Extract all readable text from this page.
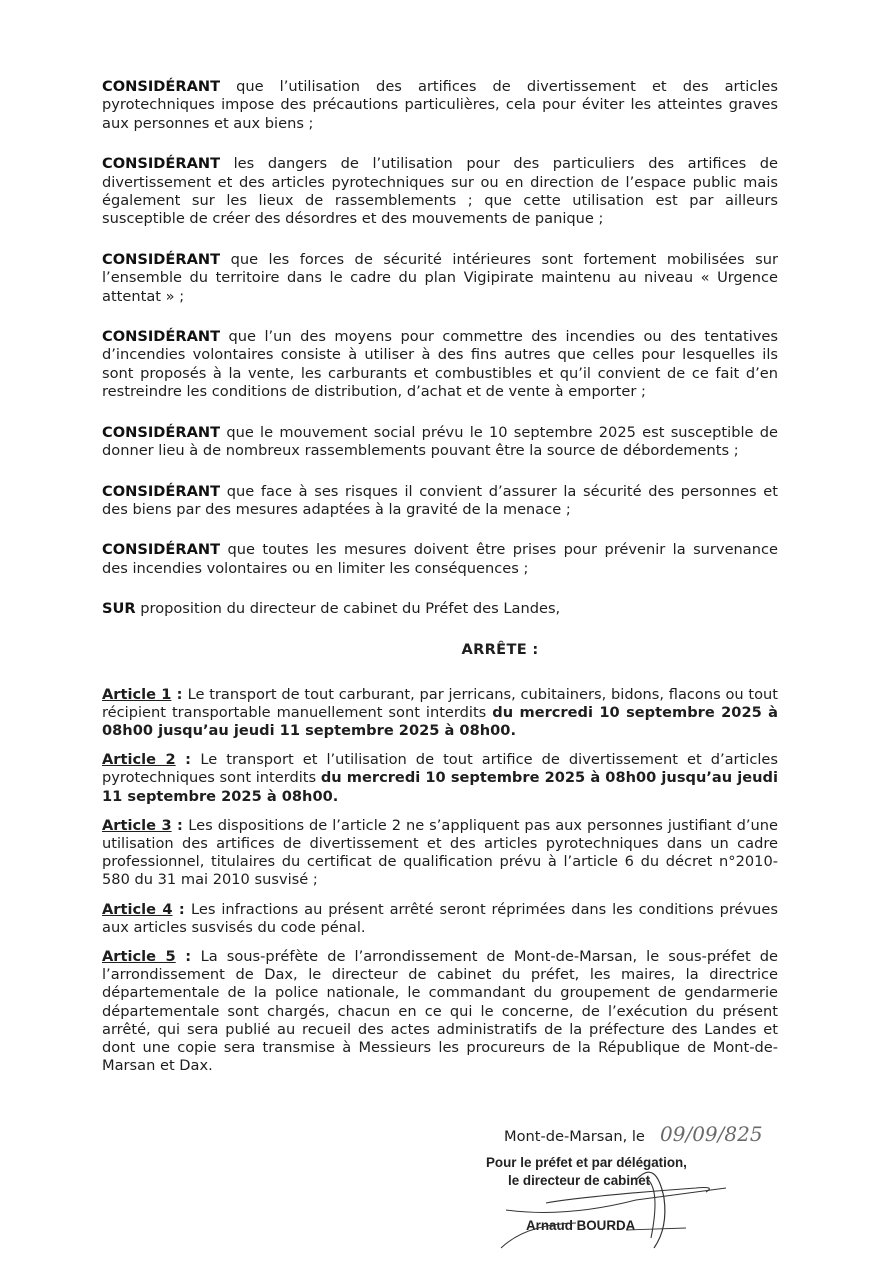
CONSIDÉRANT que l’utilisation des artifices de divertissement et des articles pyrotechniques impose des précautions particulières, cela pour éviter les atteintes graves aux personnes et aux biens ;

CONSIDÉRANT les dangers de l’utilisation pour des particuliers des artifices de divertissement et des articles pyrotechniques sur ou en direction de l’espace public mais également sur les lieux de rassemblements ; que cette utilisation est par ailleurs susceptible de créer des désordres et des mouvements de panique ;

CONSIDÉRANT que les forces de sécurité intérieures sont fortement mobilisées sur l’ensemble du territoire dans le cadre du plan Vigipirate maintenu au niveau « Urgence attentat » ;

CONSIDÉRANT que l’un des moyens pour commettre des incendies ou des tentatives d’incendies volontaires consiste à utiliser à des fins autres que celles pour lesquelles ils sont proposés à la vente, les carburants et combustibles et qu’il convient de ce fait d’en restreindre les conditions de distribution, d’achat et de vente à emporter ;

CONSIDÉRANT que le mouvement social prévu le 10 septembre 2025 est susceptible de donner lieu à de nombreux rassemblements pouvant être la source de débordements ;

CONSIDÉRANT que face à ses risques il convient d’assurer la sécurité des personnes et des biens par des mesures adaptées à la gravité de la menace ;

CONSIDÉRANT que toutes les mesures doivent être prises pour prévenir la survenance des incendies volontaires ou en limiter les conséquences ;

SUR proposition du directeur de cabinet du Préfet des Landes,

ARRÊTE :

Article 1 : Le transport de tout carburant, par jerricans, cubitainers, bidons, flacons ou tout récipient transportable manuellement sont interdits du mercredi 10 septembre 2025 à 08h00 jusqu’au jeudi 11 septembre 2025 à 08h00.

Article 2 : Le transport et l’utilisation de tout artifice de divertissement et d’articles pyrotechniques sont interdits du mercredi 10 septembre 2025 à 08h00 jusqu’au jeudi 11 septembre 2025 à 08h00.

Article 3 : Les dispositions de l’article 2 ne s’appliquent pas aux personnes justifiant d’une utilisation des artifices de divertissement et des articles pyrotechniques dans un cadre professionnel, titulaires du certificat de qualification prévu à l’article 6 du décret n°2010-580 du 31 mai 2010 susvisé ;

Article 4 : Les infractions au présent arrêté seront réprimées dans les conditions prévues aux articles susvisés du code pénal.

Article 5 : La sous-préfète de l’arrondissement de Mont-de-Marsan, le sous-préfet de l’arrondissement de Dax, le directeur de cabinet du préfet, les maires, la directrice départementale de la police nationale, le commandant du groupement de gendarmerie départementale sont chargés, chacun en ce qui le concerne, de l’exécution du présent arrêté, qui sera publié au recueil des actes administratifs de la préfecture des Landes et dont une copie sera transmise à Messieurs les procureurs de la République de Mont-de-Marsan et Dax.

Mont-de-Marsan, le 09/09/825
Pour le préfet et par délégation,
le directeur de cabinet
Arnaud BOURDA
